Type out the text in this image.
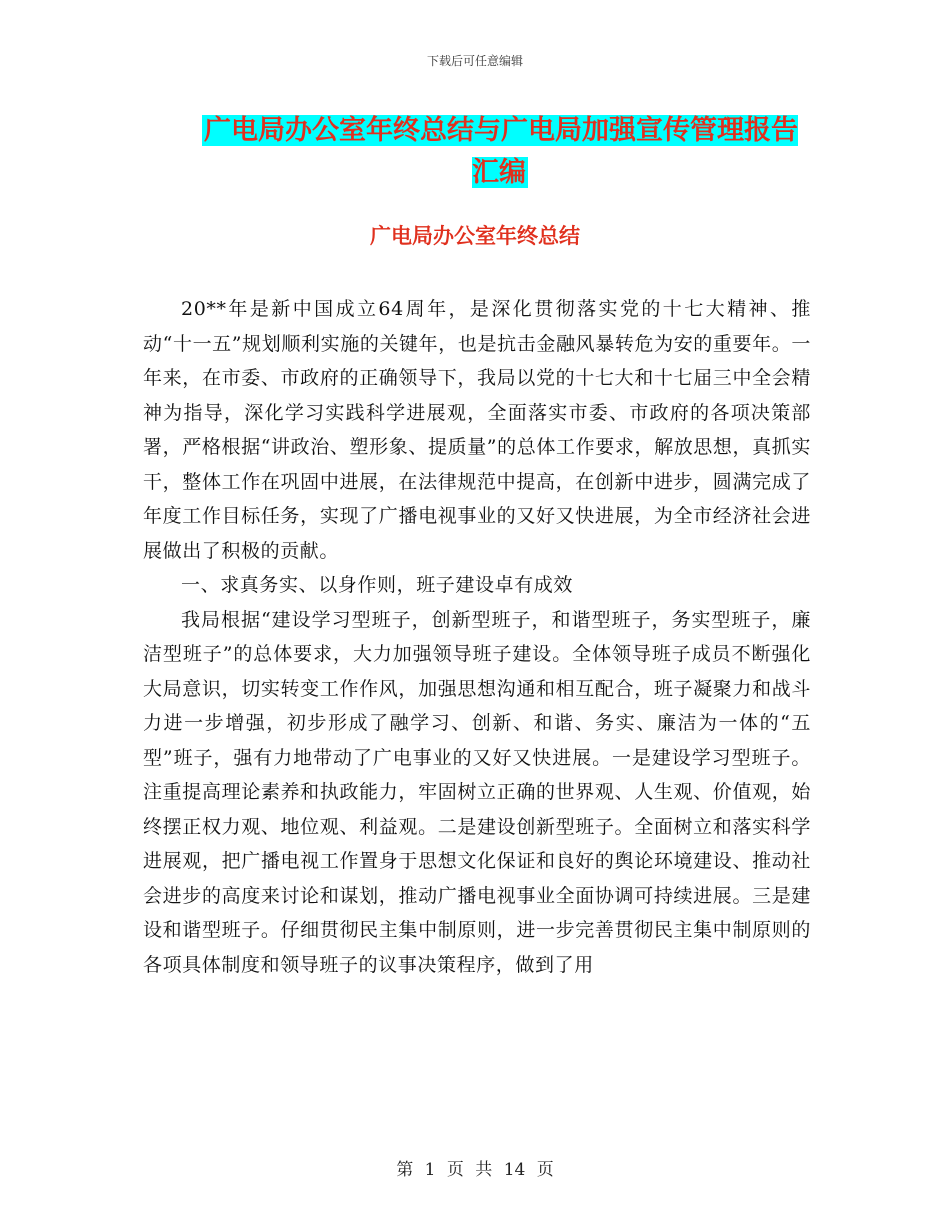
下载后可任意编辑
广电局办公室年终总结与广电局加强宣传管理报告汇编
广电局办公室年终总结

20**年是新中国成立64周年，是深化贯彻落实党的十七大精神、推动“十一五”规划顺利实施的关键年，也是抗击金融风暴转危为安的重要年。一年来，在市委、市政府的正确领导下，我局以党的十七大和十七届三中全会精神为指导，深化学习实践科学进展观，全面落实市委、市政府的各项决策部署，严格根据“讲政治、塑形象、提质量”的总体工作要求，解放思想，真抓实干，整体工作在巩固中进展，在法律规范中提高，在创新中进步，圆满完成了年度工作目标任务，实现了广播电视事业的又好又快进展，为全市经济社会进展做出了积极的贡献。

一、求真务实、以身作则，班子建设卓有成效

我局根据“建设学习型班子，创新型班子，和谐型班子，务实型班子，廉洁型班子”的总体要求，大力加强领导班子建设。全体领导班子成员不断强化大局意识，切实转变工作作风，加强思想沟通和相互配合，班子凝聚力和战斗力进一步增强，初步形成了融学习、创新、和谐、务实、廉洁为一体的“五型”班子，强有力地带动了广电事业的又好又快进展。一是建设学习型班子。注重提高理论素养和执政能力，牢固树立正确的世界观、人生观、价值观，始终摆正权力观、地位观、利益观。二是建设创新型班子。全面树立和落实科学进展观，把广播电视工作置身于思想文化保证和良好的舆论环境建设、推动社会进步的高度来讨论和谋划，推动广播电视事业全面协调可持续进展。三是建设和谐型班子。仔细贯彻民主集中制原则，进一步完善贯彻民主集中制原则的各项具体制度和领导班子的议事决策程序，做到了用

第 1 页 共 14 页
